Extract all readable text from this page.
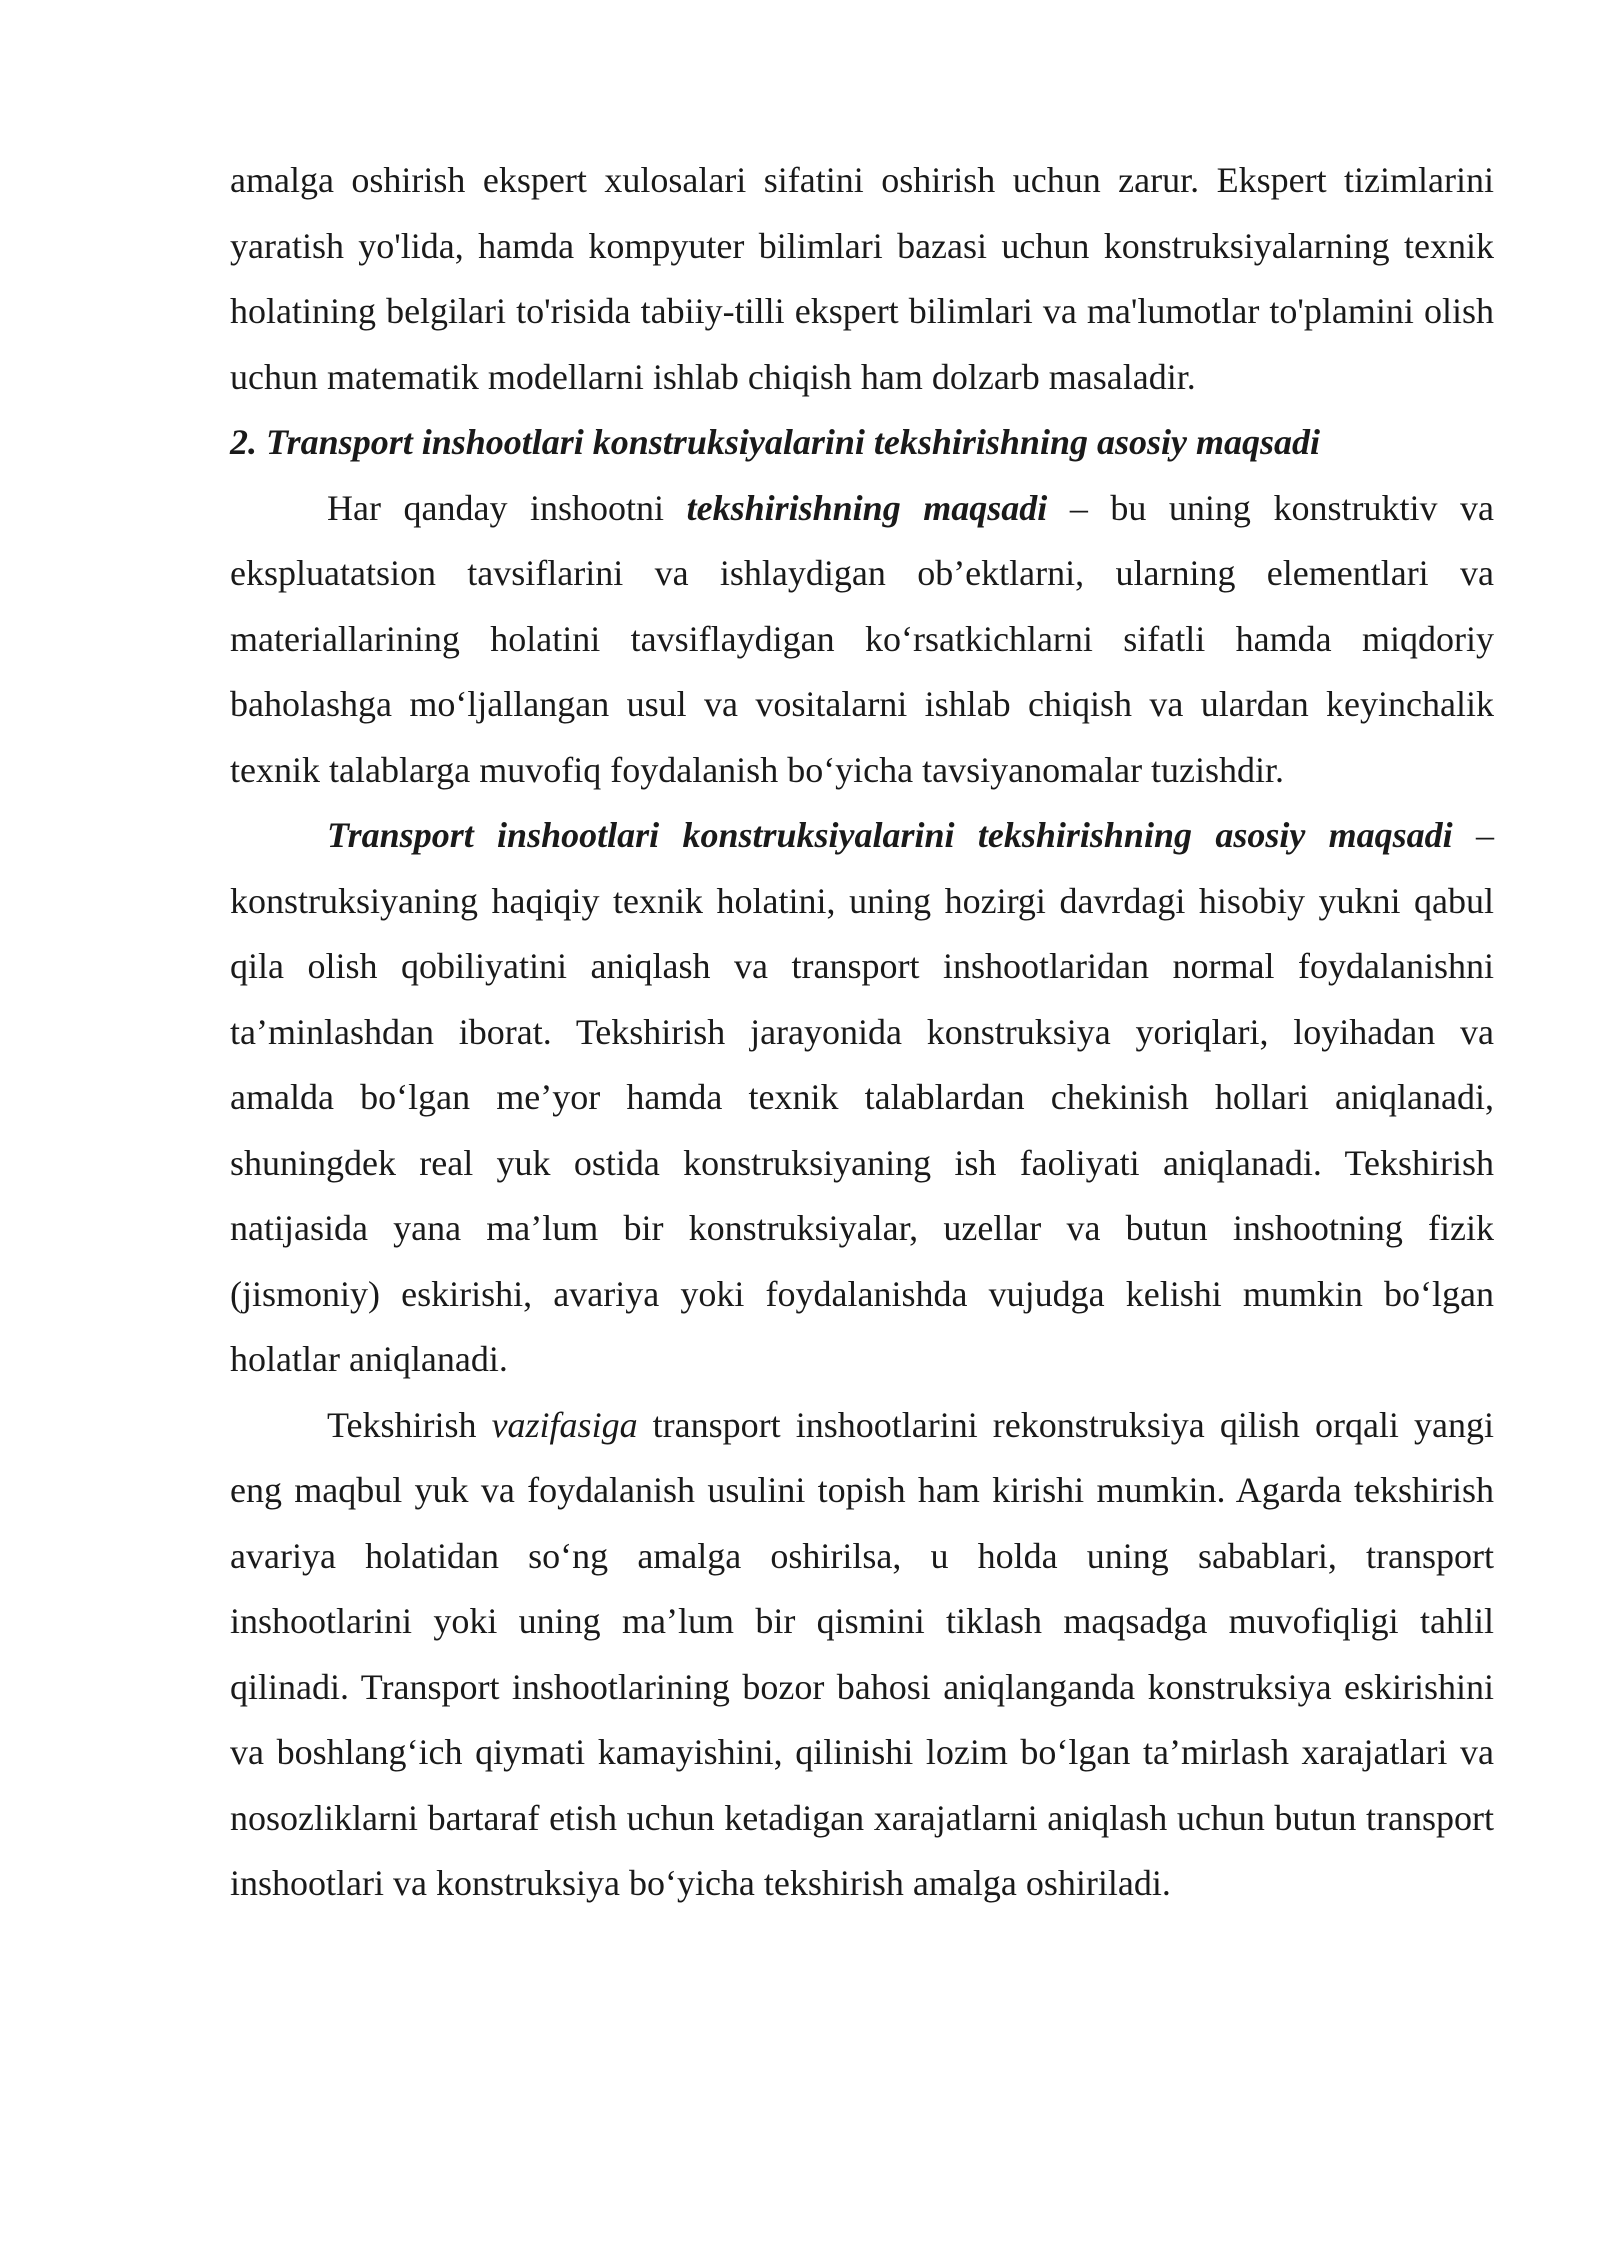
amalga oshirish ekspert xulosalari sifatini oshirish uchun zarur. Ekspert tizimlarini yaratish yo'lida, hamda kompyuter bilimlari bazasi uchun konstruksiyalarning texnik holatining belgilari to'risida tabiiy-tilli ekspert bilimlari va ma'lumotlar to'plamini olish uchun matematik modellarni ishlab chiqish ham dolzarb masaladir.

2. Transport inshootlari konstruksiyalarini tekshirishning asosiy maqsadi

Har qanday inshootni tekshirishning maqsadi – bu uning konstruktiv va ekspluatatsion tavsiflarini va ishlaydigan ob’ektlarni, ularning elementlari va materiallarining holatini tavsiflaydigan ko‘rsatkichlarni sifatli hamda miqdoriy baholashga mo‘ljallangan usul va vositalarni ishlab chiqish va ulardan keyinchalik texnik talablarga muvofiq foydalanish bo‘yicha tavsiyanomalar tuzishdir.

Transport inshootlari konstruksiyalarini tekshirishning asosiy maqsadi – konstruksiyaning haqiqiy texnik holatini, uning hozirgi davrdagi hisobiy yukni qabul qila olish qobiliyatini aniqlash va transport inshootlaridan normal foydalanishni ta’minlashdan iborat. Tekshirish jarayonida konstruksiya yoriqlari, loyihadan va amalda bo‘lgan me’yor hamda texnik talablardan chekinish hollari aniqlanadi, shuningdek real yuk ostida konstruksiyaning ish faoliyati aniqlanadi. Tekshirish natijasida yana ma’lum bir konstruksiyalar, uzellar va butun inshootning fizik (jismoniy) eskirishi, avariya yoki foydalanishda vujudga kelishi mumkin bo‘lgan holatlar aniqlanadi.

Tekshirish vazifasiga transport inshootlarini rekonstruksiya qilish orqali yangi eng maqbul yuk va foydalanish usulini topish ham kirishi mumkin. Agarda tekshirish avariya holatidan so‘ng amalga oshirilsa, u holda uning sabablari, transport inshootlarini yoki uning ma’lum bir qismini tiklash maqsadga muvofiqligi tahlil qilinadi. Transport inshootlarining bozor bahosi aniqlanganda konstruksiya eskirishini va boshlang‘ich qiymati kamayishini, qilinishi lozim bo‘lgan ta’mirlash xarajatlari va nosozliklarni bartaraf etish uchun ketadigan xarajatlarni aniqlash uchun butun transport inshootlari va konstruksiya bo‘yicha tekshirish amalga oshiriladi.
